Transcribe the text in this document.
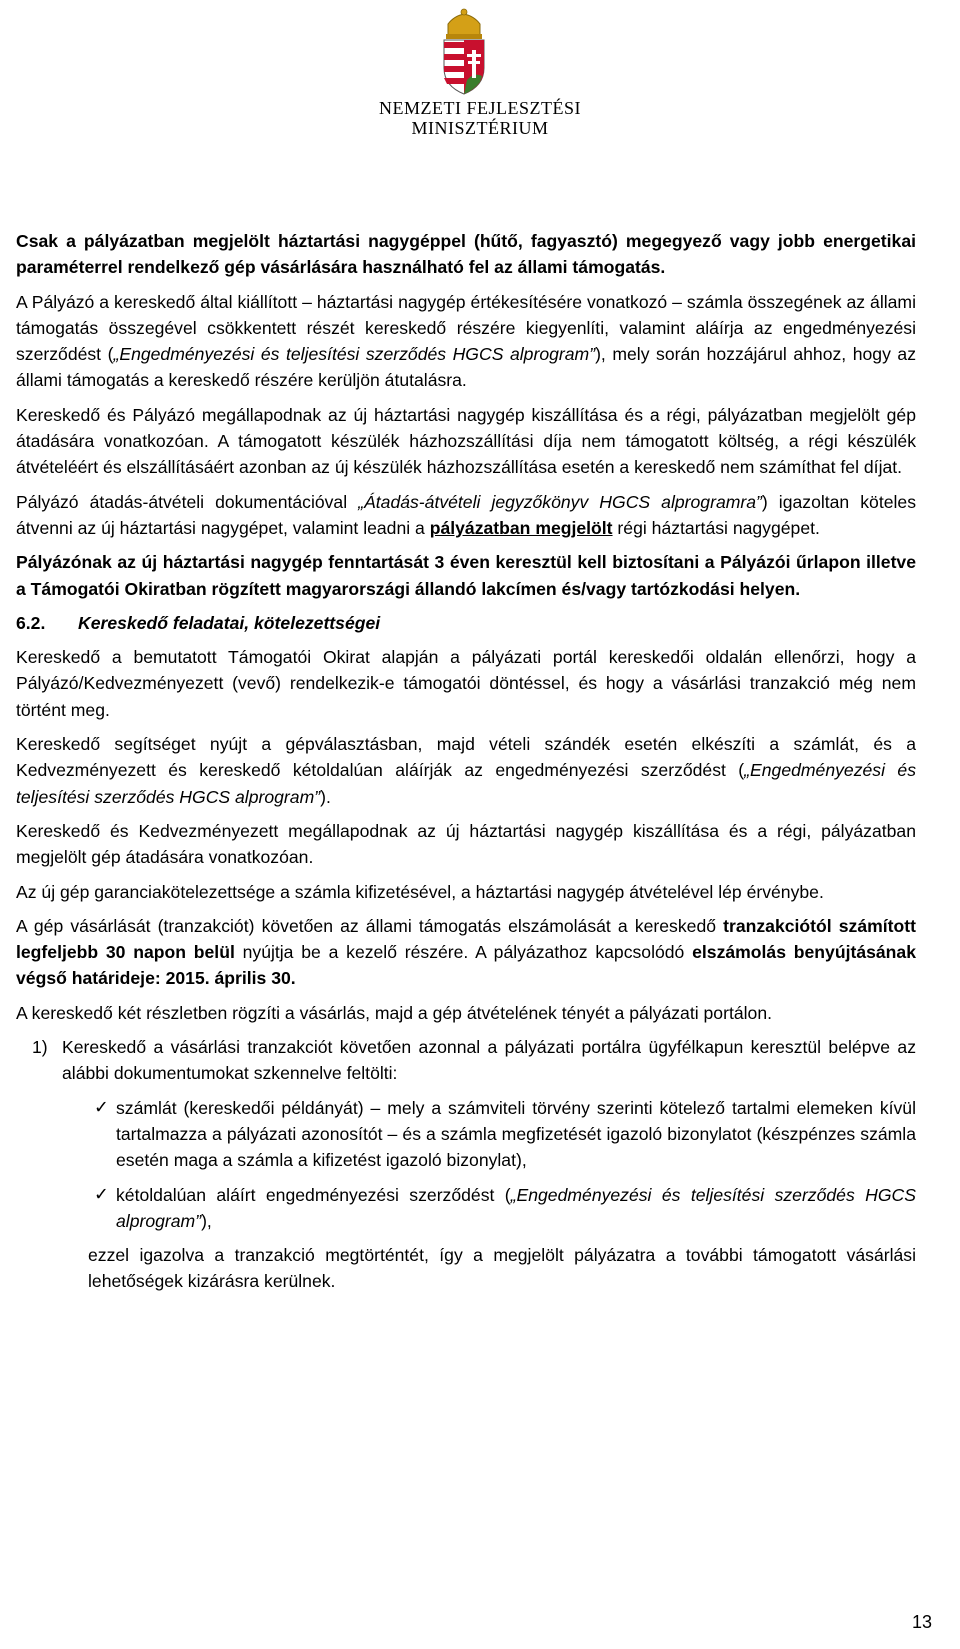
NEMZETI FEJLESZTÉSI
MINISZTÉRIUM

Csak a pályázatban megjelölt háztartási nagygéppel (hűtő, fagyasztó) megegyező vagy jobb energetikai paraméterrel rendelkező gép vásárlására használható fel az állami támogatás.

A Pályázó a kereskedő által kiállított – háztartási nagygép értékesítésére vonatkozó – számla összegének az állami támogatás összegével csökkentett részét kereskedő részére kiegyenlíti, valamint aláírja az engedményezési szerződést („Engedményezési és teljesítési szerződés HGCS alprogram”), mely során hozzájárul ahhoz, hogy az állami támogatás a kereskedő részére kerüljön átutalásra.

Kereskedő és Pályázó megállapodnak az új háztartási nagygép kiszállítása és a régi, pályázatban megjelölt gép átadására vonatkozóan. A támogatott készülék házhozszállítási díja nem támogatott költség, a régi készülék átvételéért és elszállításáért azonban az új készülék házhozszállítása esetén a kereskedő nem számíthat fel díjat.

Pályázó átadás-átvételi dokumentációval „Átadás-átvételi jegyzőkönyv HGCS alprogramra”) igazoltan köteles átvenni az új háztartási nagygépet, valamint leadni a pályázatban megjelölt régi háztartási nagygépet.

Pályázónak az új háztartási nagygép fenntartását 3 éven keresztül kell biztosítani a Pályázói űrlapon illetve a Támogatói Okiratban rögzített magyarországi állandó lakcímen és/vagy tartózkodási helyen.

6.2. Kereskedő feladatai, kötelezettségei

Kereskedő a bemutatott Támogatói Okirat alapján a pályázati portál kereskedői oldalán ellenőrzi, hogy a Pályázó/Kedvezményezett (vevő) rendelkezik-e támogatói döntéssel, és hogy a vásárlási tranzakció még nem történt meg.

Kereskedő segítséget nyújt a gépválasztásban, majd vételi szándék esetén elkészíti a számlát, és a Kedvezményezett és kereskedő kétoldalúan aláírják az engedményezési szerződést („Engedményezési és teljesítési szerződés HGCS alprogram”).

Kereskedő és Kedvezményezett megállapodnak az új háztartási nagygép kiszállítása és a régi, pályázatban megjelölt gép átadására vonatkozóan.

Az új gép garanciakötelezettsége a számla kifizetésével, a háztartási nagygép átvételével lép érvénybe.

A gép vásárlását (tranzakciót) követően az állami támogatás elszámolását a kereskedő tranzakciótól számított legfeljebb 30 napon belül nyújtja be a kezelő részére. A pályázathoz kapcsolódó elszámolás benyújtásának végső határideje: 2015. április 30.

A kereskedő két részletben rögzíti a vásárlás, majd a gép átvételének tényét a pályázati portálon.

1) Kereskedő a vásárlási tranzakciót követően azonnal a pályázati portálra ügyfélkapun keresztül belépve az alábbi dokumentumokat szkennelve feltölti:

✓ számlát (kereskedői példányát) – mely a számviteli törvény szerinti kötelező tartalmi elemeken kívül tartalmazza a pályázati azonosítót – és a számla megfizetését igazoló bizonylatot (készpénzes számla esetén maga a számla a kifizetést igazoló bizonylat),

✓ kétoldalúan aláírt engedményezési szerződést („Engedményezési és teljesítési szerződés HGCS alprogram”),

ezzel igazolva a tranzakció megtörténtét, így a megjelölt pályázatra a további támogatott vásárlási lehetőségek kizárásra kerülnek.

13
